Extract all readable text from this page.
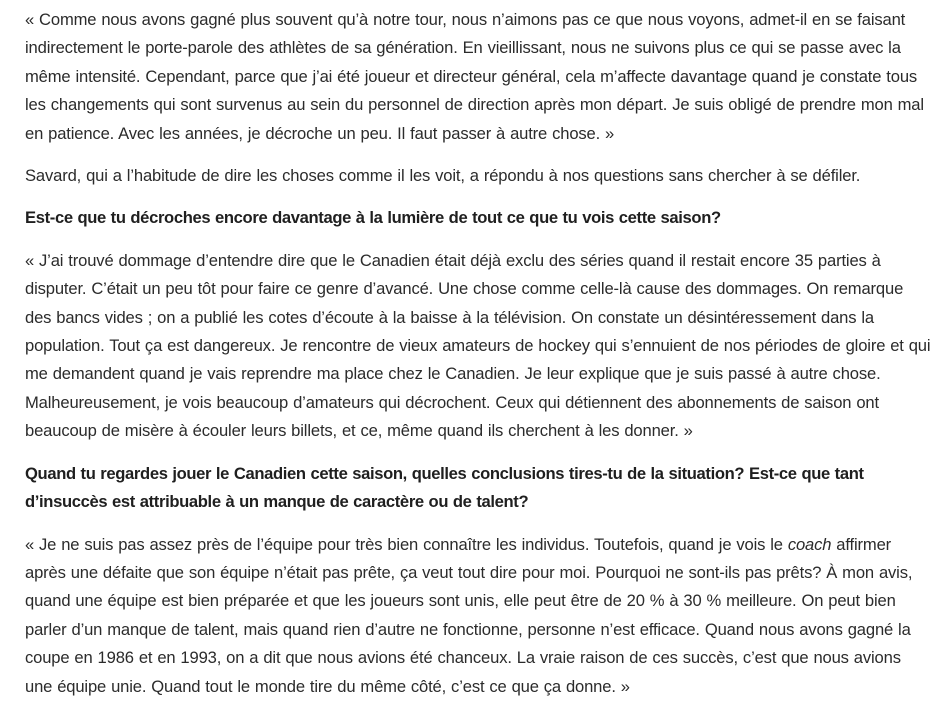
« Comme nous avons gagné plus souvent qu’à notre tour, nous n’aimons pas ce que nous voyons, admet-il en se faisant indirectement le porte-parole des athlètes de sa génération. En vieillissant, nous ne suivons plus ce qui se passe avec la même intensité. Cependant, parce que j’ai été joueur et directeur général, cela m’affecte davantage quand je constate tous les changements qui sont survenus au sein du personnel de direction après mon départ. Je suis obligé de prendre mon mal en patience. Avec les années, je décroche un peu. Il faut passer à autre chose. »

Savard, qui a l’habitude de dire les choses comme il les voit, a répondu à nos questions sans chercher à se défiler.

Est-ce que tu décroches encore davantage à la lumière de tout ce que tu vois cette saison?

« J’ai trouvé dommage d’entendre dire que le Canadien était déjà exclu des séries quand il restait encore 35 parties à disputer. C’était un peu tôt pour faire ce genre d’avancé. Une chose comme celle-là cause des dommages. On remarque des bancs vides ; on a publié les cotes d’écoute à la baisse à la télévision. On constate un désintéressement dans la population. Tout ça est dangereux. Je rencontre de vieux amateurs de hockey qui s’ennuient de nos périodes de gloire et qui me demandent quand je vais reprendre ma place chez le Canadien. Je leur explique que je suis passé à autre chose. Malheureusement, je vois beaucoup d’amateurs qui décrochent. Ceux qui détiennent des abonnements de saison ont beaucoup de misère à écouler leurs billets, et ce, même quand ils cherchent à les donner. »

Quand tu regardes jouer le Canadien cette saison, quelles conclusions tires-tu de la situation? Est-ce que tant d’insuccès est attribuable à un manque de caractère ou de talent?

« Je ne suis pas assez près de l’équipe pour très bien connaître les individus. Toutefois, quand je vois le coach affirmer après une défaite que son équipe n’était pas prête, ça veut tout dire pour moi. Pourquoi ne sont-ils pas prêts? À mon avis, quand une équipe est bien préparée et que les joueurs sont unis, elle peut être de 20 % à 30 % meilleure. On peut bien parler d’un manque de talent, mais quand rien d’autre ne fonctionne, personne n’est efficace. Quand nous avons gagné la coupe en 1986 et en 1993, on a dit que nous avions été chanceux. La vraie raison de ces succès, c’est que nous avions une équipe unie. Quand tout le monde tire du même côté, c’est ce que ça donne. »
